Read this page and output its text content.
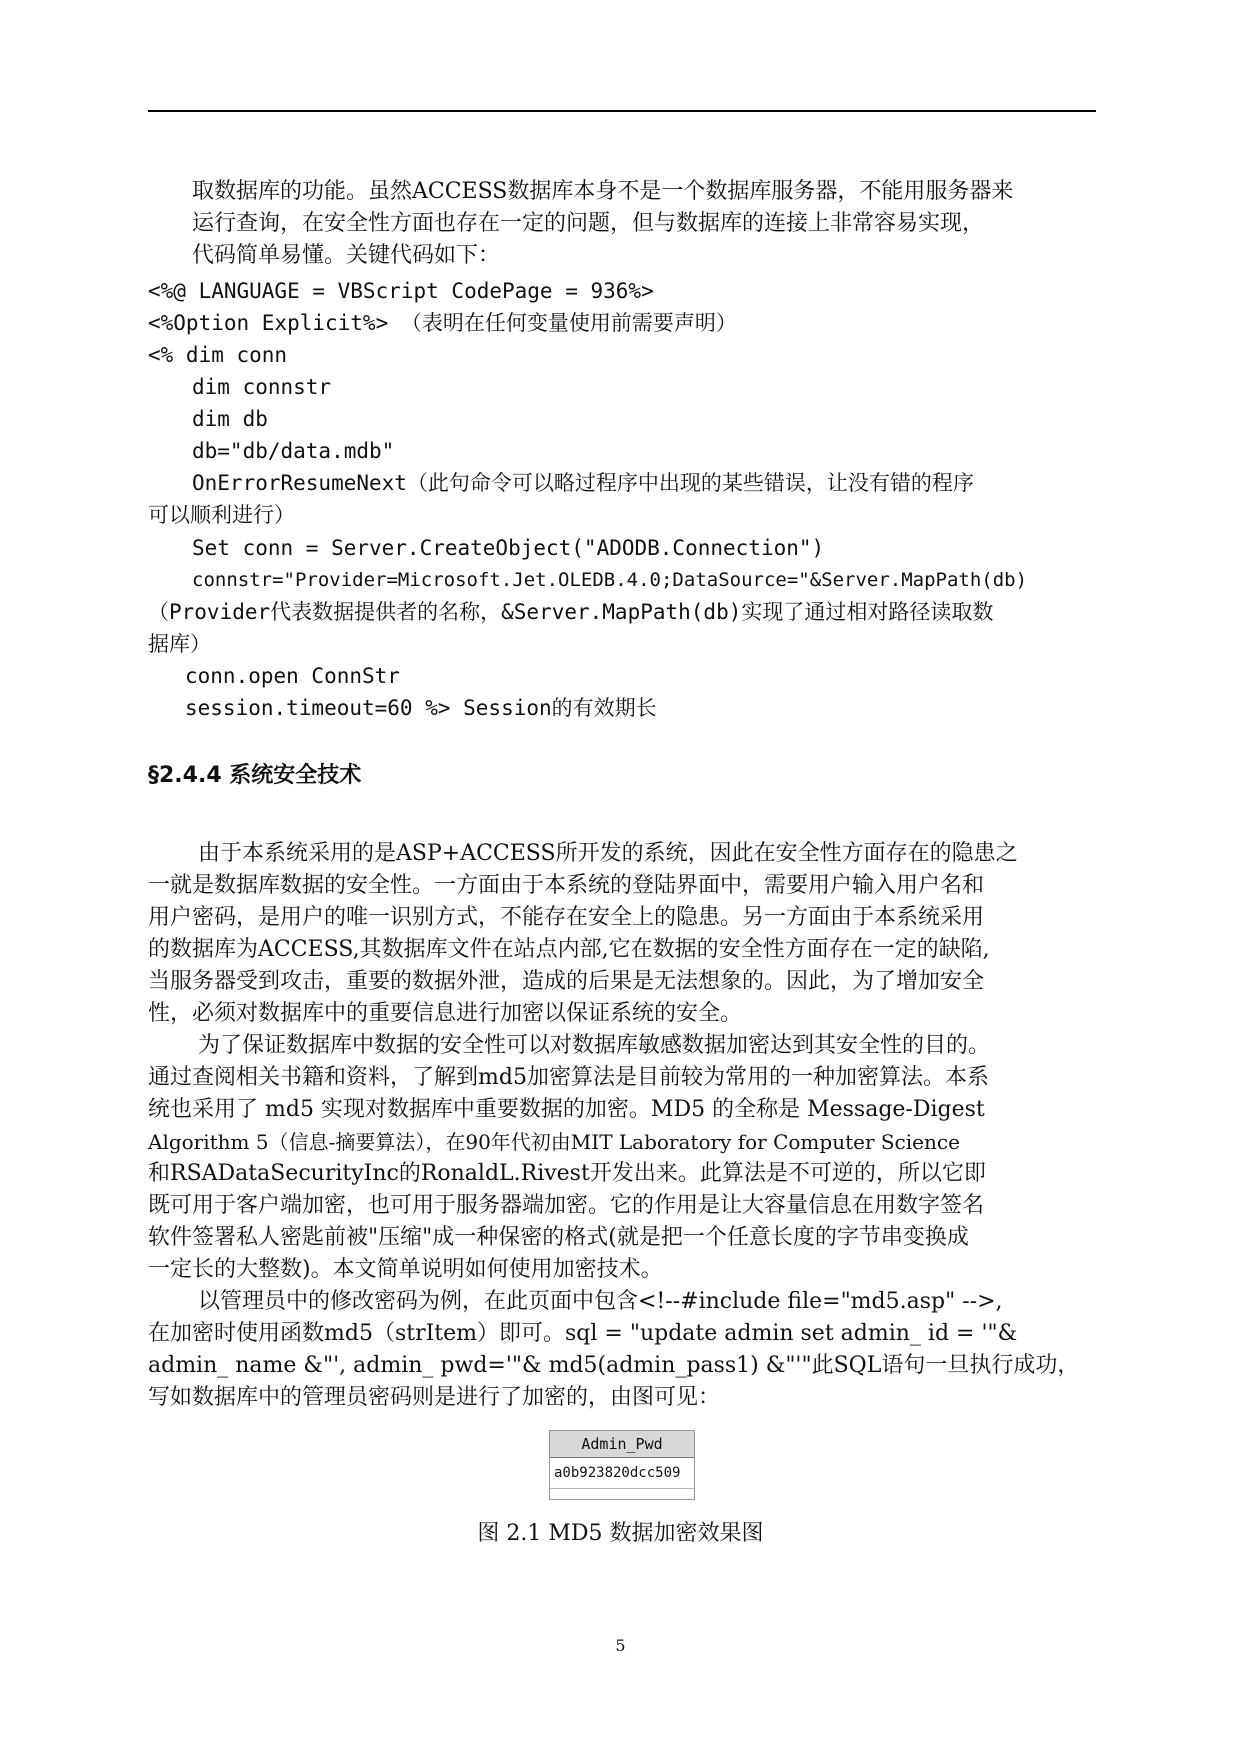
取数据库的功能。虽然ACCESS数据库本身不是一个数据库服务器，不能用服务器来
运行查询，在安全性方面也存在一定的问题，但与数据库的连接上非常容易实现，
代码简单易懂。关键代码如下：
<%@ LANGUAGE = VBScript CodePage = 936%>
<%Option Explicit%> （表明在任何变量使用前需要声明）
<% dim conn
dim connstr
dim db
db="db/data.mdb"
OnErrorResumeNext（此句命令可以略过程序中出现的某些错误，让没有错的程序
可以顺利进行）
Set conn = Server.CreateObject("ADODB.Connection")
connstr="Provider=Microsoft.Jet.OLEDB.4.0;DataSource="&Server.MapPath(db)
（Provider代表数据提供者的名称，&Server.MapPath(db)实现了通过相对路径读取数
据库）
conn.open ConnStr
session.timeout=60 %> Session的有效期长
§2.4.4 系统安全技术
由于本系统采用的是ASP+ACCESS所开发的系统，因此在安全性方面存在的隐患之
一就是数据库数据的安全性。一方面由于本系统的登陆界面中，需要用户输入用户名和
用户密码，是用户的唯一识别方式，不能存在安全上的隐患。另一方面由于本系统采用
的数据库为ACCESS,其数据库文件在站点内部,它在数据的安全性方面存在一定的缺陷,
当服务器受到攻击，重要的数据外泄，造成的后果是无法想象的。因此，为了增加安全
性，必须对数据库中的重要信息进行加密以保证系统的安全。
为了保证数据库中数据的安全性可以对数据库敏感数据加密达到其安全性的目的。
通过查阅相关书籍和资料，了解到md5加密算法是目前较为常用的一种加密算法。本系
统也采用了 md5 实现对数据库中重要数据的加密。MD5 的全称是 Message-Digest
Algorithm 5（信息-摘要算法），在90年代初由MIT Laboratory for Computer Science
和RSADataSecurityInc的RonaldL.Rivest开发出来。此算法是不可逆的，所以它即
既可用于客户端加密，也可用于服务器端加密。它的作用是让大容量信息在用数字签名
软件签署私人密匙前被"压缩"成一种保密的格式(就是把一个任意长度的字节串变换成
一定长的大整数)。本文简单说明如何使用加密技术。
以管理员中的修改密码为例，在此页面中包含<!--#include file="md5.asp" -->,
在加密时使用函数md5（strItem）即可。sql = "update admin set admin_ id = '"&
admin_ name &"', admin_ pwd='"& md5(admin_pass1) &"'"此SQL语句一旦执行成功，
写如数据库中的管理员密码则是进行了加密的，由图可见：
Admin_Pwd
a0b923820dcc509
图 2.1 MD5 数据加密效果图
5
